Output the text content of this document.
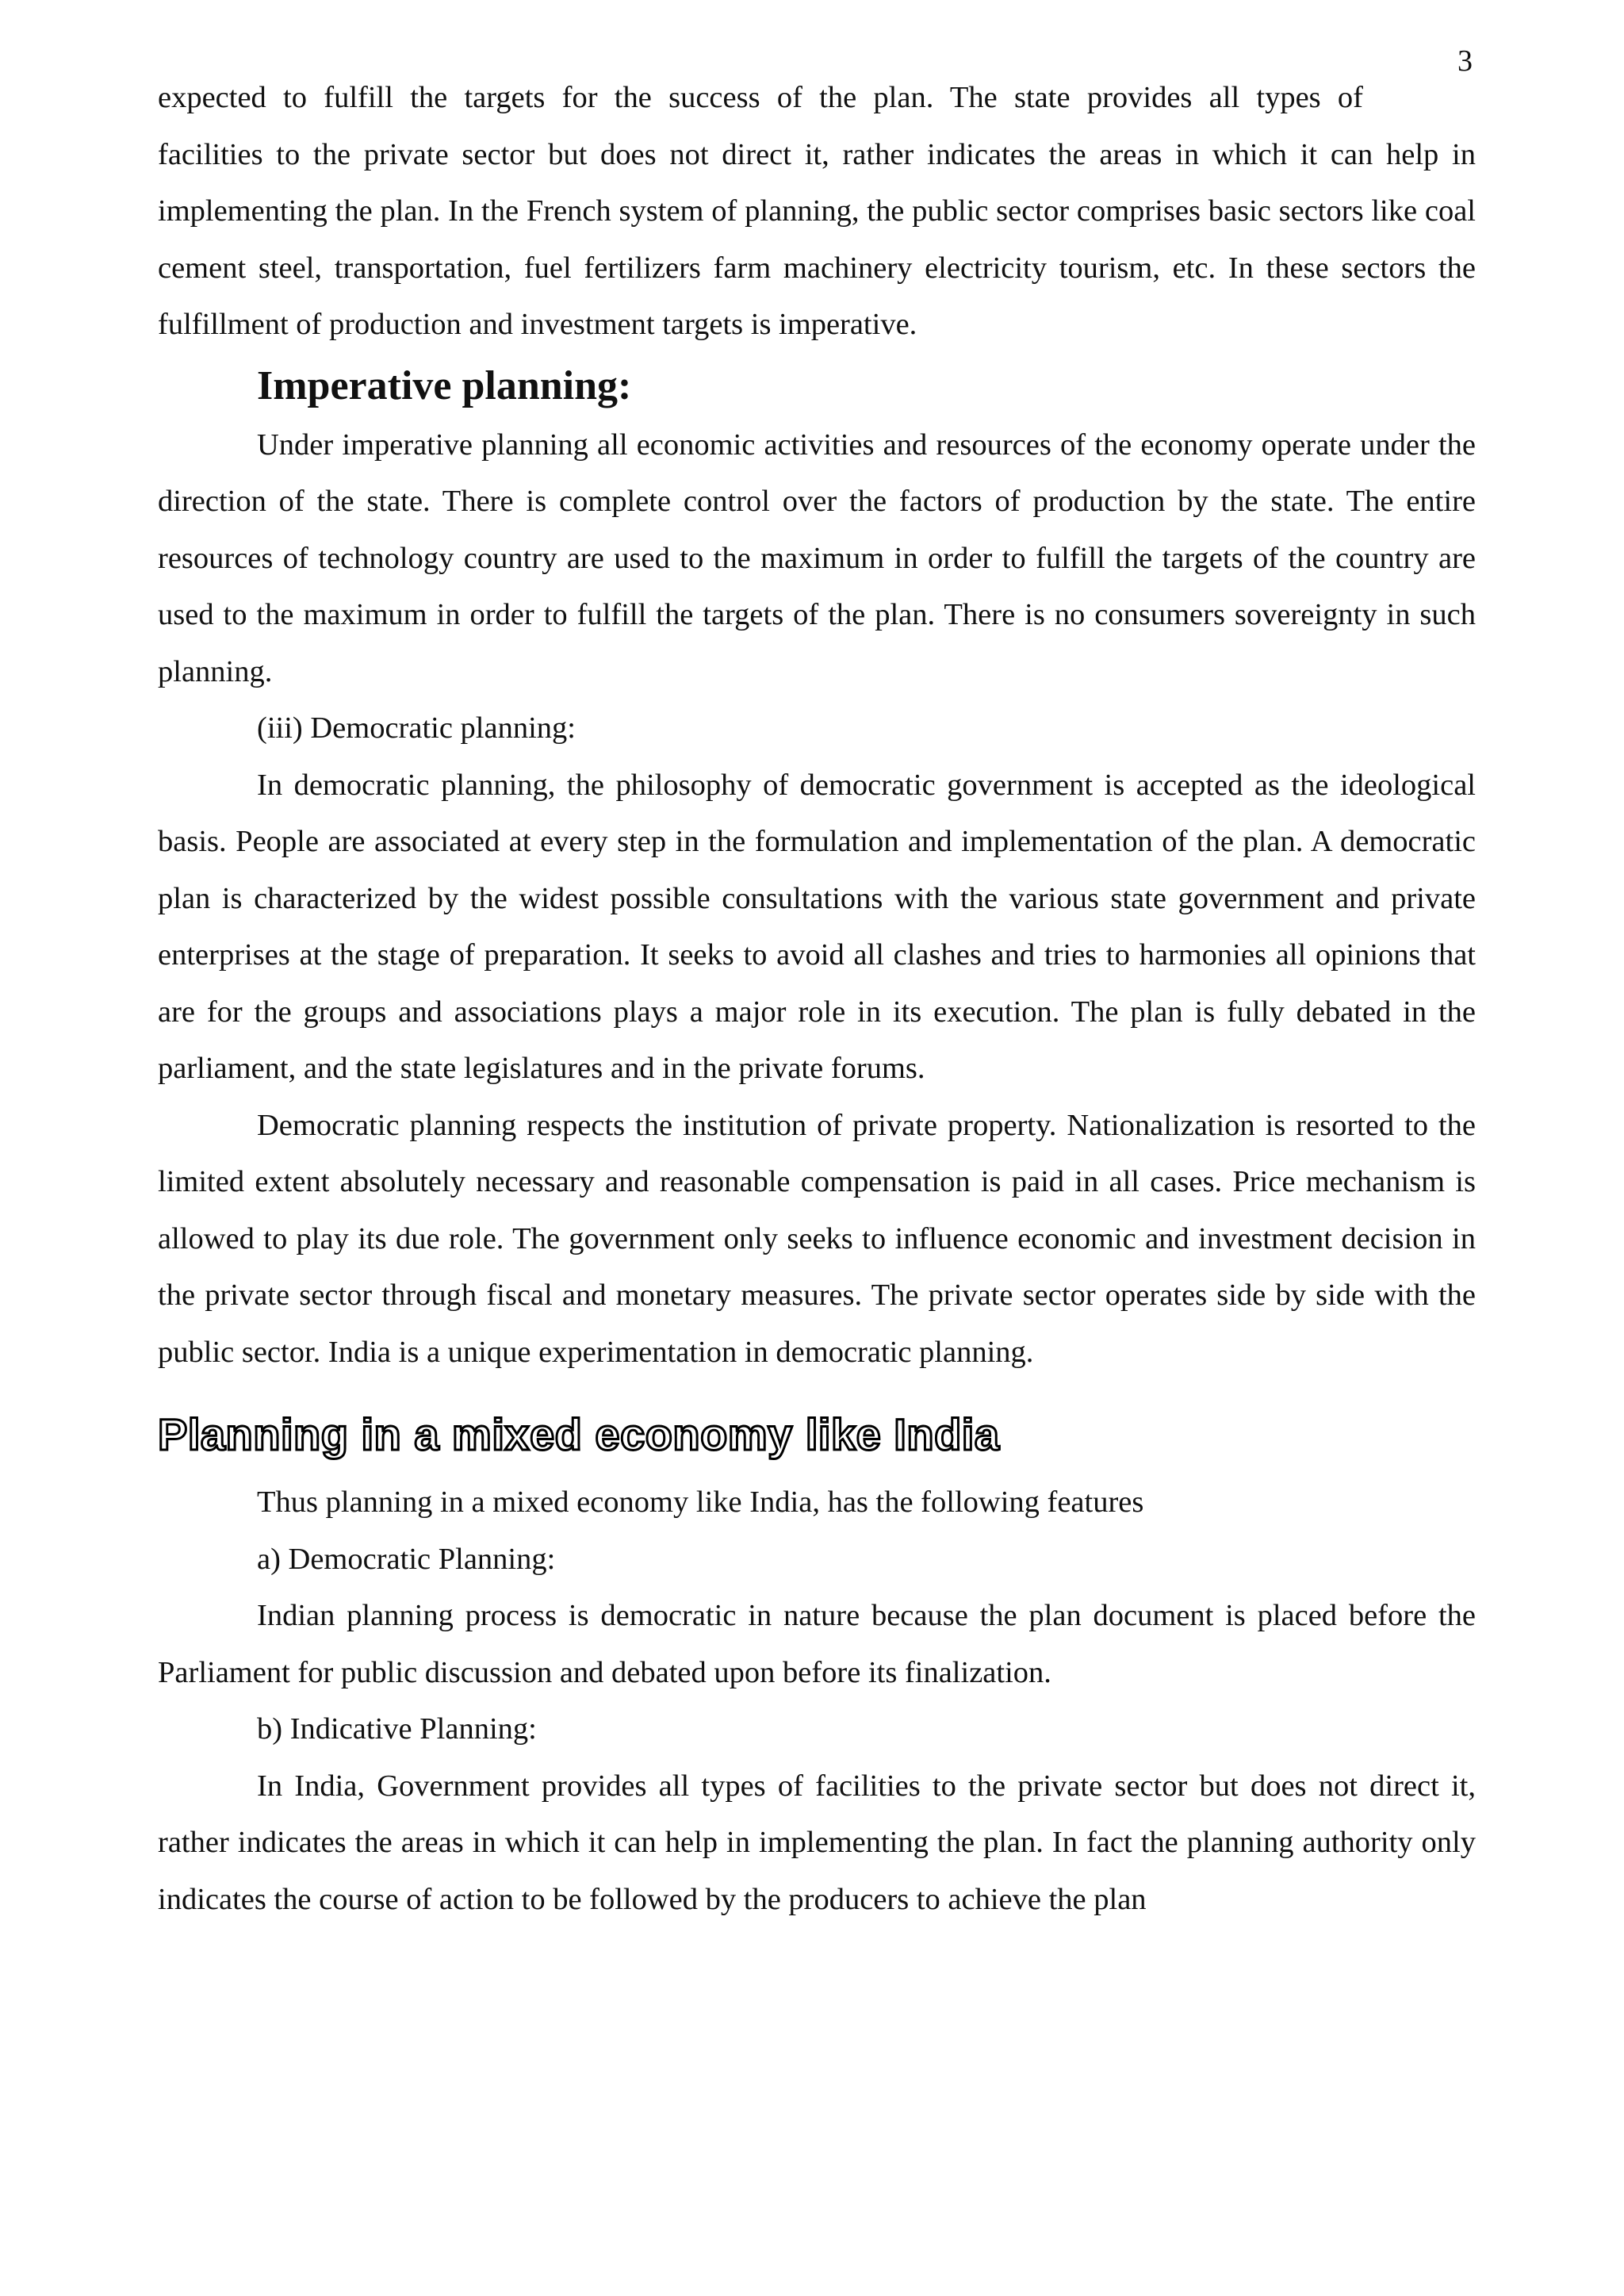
3

expected to fulfill the targets for the success of the plan. The state provides all types of

facilities to the private sector but does not direct it, rather indicates the areas in which it can help in implementing the plan. In the French system of planning, the public sector comprises basic sectors like coal cement steel, transportation, fuel fertilizers farm machinery electricity tourism, etc. In these sectors the fulfillment of production and investment targets is imperative.

Imperative planning:

Under imperative planning all economic activities and resources of the economy operate under the direction of the state. There is complete control over the factors of production by the state. The entire resources of technology country are used to the maximum in order to fulfill the targets of the country are used to the maximum in order to fulfill the targets of the plan. There is no consumers sovereignty in such planning.

(iii) Democratic planning:

In democratic planning, the philosophy of democratic government is accepted as the ideological basis. People are associated at every step in the formulation and implementation of the plan. A democratic plan is characterized by the widest possible consultations with the various state government and private enterprises at the stage of preparation. It seeks to avoid all clashes and tries to harmonies all opinions that are for the groups and associations plays a major role in its execution. The plan is fully debated in the parliament, and the state legislatures and in the private forums.

Democratic planning respects the institution of private property. Nationalization is resorted to the limited extent absolutely necessary and reasonable compensation is paid in all cases. Price mechanism is allowed to play its due role. The government only seeks to influence economic and investment decision in the private sector through fiscal and monetary measures. The private sector operates side by side with the public sector. India is a unique experimentation in democratic planning.

Planning in a mixed economy like India
Thus planning in a mixed economy like India, has the following features
a) Democratic Planning:

Indian planning process is democratic in nature because the plan document is placed before the Parliament for public discussion and debated upon before its finalization.

b) Indicative Planning:

In India, Government provides all types of facilities to the private sector but does not direct it, rather indicates the areas in which it can help in implementing the plan. In fact the planning authority only indicates the course of action to be followed by the producers to achieve the plan
